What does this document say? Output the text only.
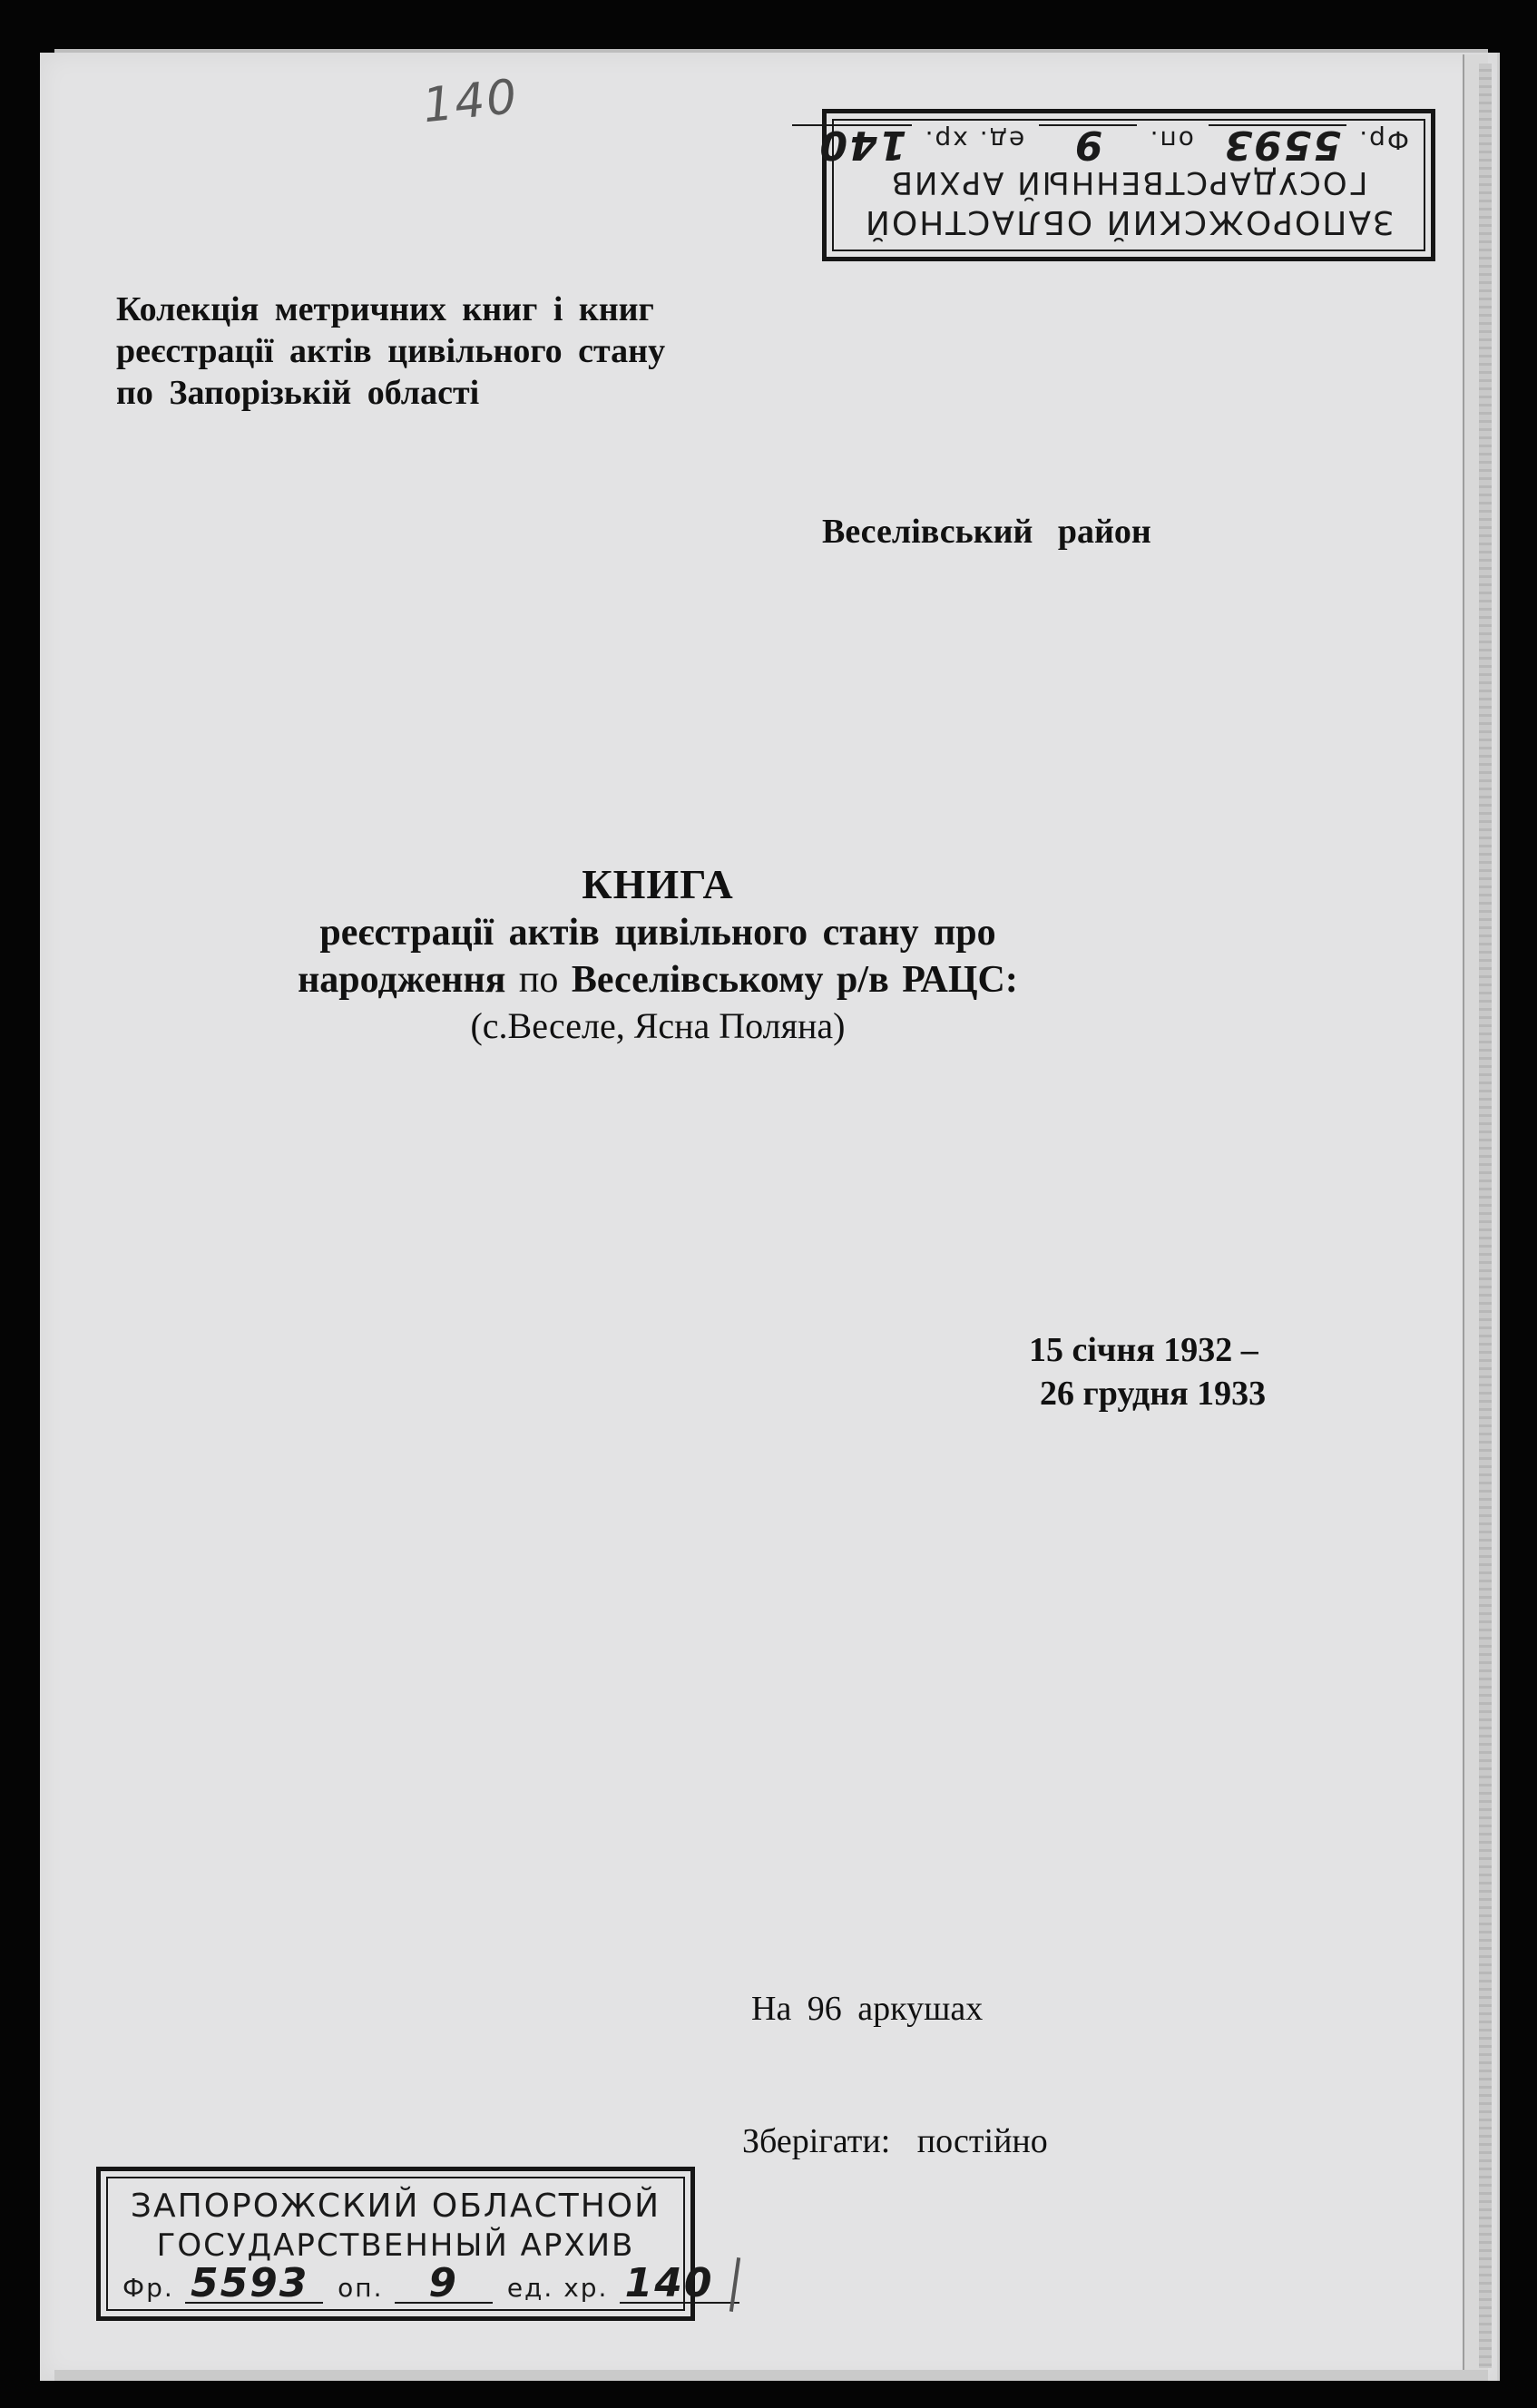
140
ЗАПОРОЖСКИЙ ОБЛАСТНОЙ
ГОСУДАРСТВЕННЫЙ АРХИВ
Фр. 5593 оп. 9 ед. хр. 140
Колекція метричних книг і книг
реєстрації актів цивільного стану
по Запорізькій області
Веселівський район
КНИГА
реєстрації актів цивільного стану про
народження по Веселівському р/в РАЦС:
(с.Веселе, Ясна Поляна)
15 січня 1932 –
26 грудня 1933
На 96 аркушах
Зберігати: постійно
ЗАПОРОЖСКИЙ ОБЛАСТНОЙ
ГОСУДАРСТВЕННЫЙ АРХИВ
Фр. 5593 оп. 9 ед. хр. 140
